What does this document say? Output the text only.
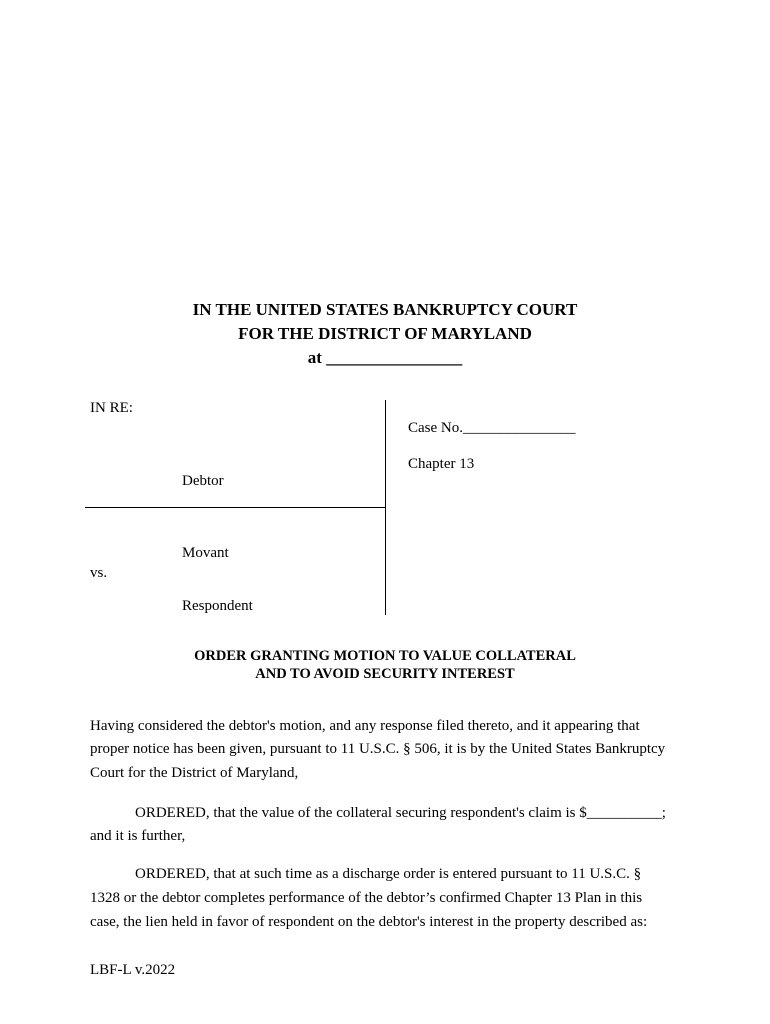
IN THE UNITED STATES BANKRUPTCY COURT
FOR THE DISTRICT OF MARYLAND
at ________________
IN RE:
Debtor
Movant
vs.
Respondent
Case No._______________
Chapter 13
ORDER GRANTING MOTION TO VALUE COLLATERAL
AND TO AVOID SECURITY INTEREST
Having considered the debtor's motion, and any response filed thereto, and it appearing that
proper notice has been given, pursuant to 11 U.S.C. § 506, it is by the United States Bankruptcy
Court for the District of Maryland,
ORDERED, that the value of the collateral securing respondent's claim is $__________;
and it is further,
ORDERED, that at such time as a discharge order is entered pursuant to 11 U.S.C. §
1328 or the debtor completes performance of the debtor’s confirmed Chapter 13 Plan in this
case, the lien held in favor of respondent on the debtor's interest in the property described as:
LBF-L v.2022
